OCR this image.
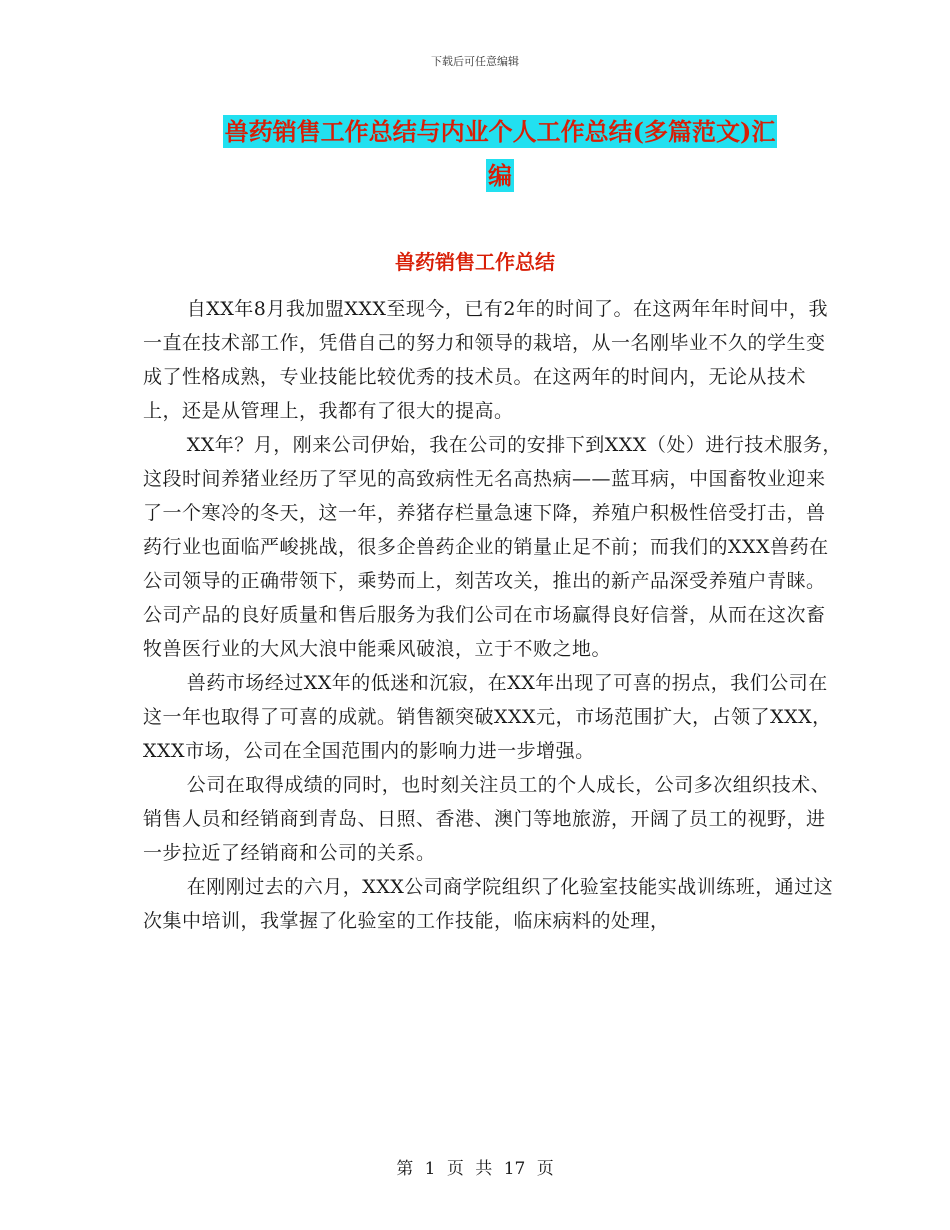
下载后可任意编辑
兽药销售工作总结与内业个人工作总结(多篇范文)汇
编
兽药销售工作总结

自XX年8月我加盟XXX至现今，已有2年的时间了。在这两年年时间中，我一直在技术部工作，凭借自己的努力和领导的栽培，从一名刚毕业不久的学生变成了性格成熟，专业技能比较优秀的技术员。在这两年的时间内，无论从技术上，还是从管理上，我都有了很大的提高。

XX年？月，刚来公司伊始，我在公司的安排下到XXX（处）进行技术服务，这段时间养猪业经历了罕见的高致病性无名高热病——蓝耳病，中国畜牧业迎来了一个寒冷的冬天，这一年，养猪存栏量急速下降，养殖户积极性倍受打击，兽药行业也面临严峻挑战，很多企兽药企业的销量止足不前；而我们的XXX兽药在公司领导的正确带领下，乘势而上，刻苦攻关，推出的新产品深受养殖户青睐。公司产品的良好质量和售后服务为我们公司在市场赢得良好信誉，从而在这次畜牧兽医行业的大风大浪中能乘风破浪，立于不败之地。

兽药市场经过XX年的低迷和沉寂，在XX年出现了可喜的拐点，我们公司在这一年也取得了可喜的成就。销售额突破XXX元，市场范围扩大，占领了XXX，XXX市场，公司在全国范围内的影响力进一步增强。

公司在取得成绩的同时，也时刻关注员工的个人成长，公司多次组织技术、销售人员和经销商到青岛、日照、香港、澳门等地旅游，开阔了员工的视野，进一步拉近了经销商和公司的关系。

在刚刚过去的六月，XXX公司商学院组织了化验室技能实战训练班，通过这次集中培训，我掌握了化验室的工作技能，临床病料的处理，

第 1 页 共 17 页
